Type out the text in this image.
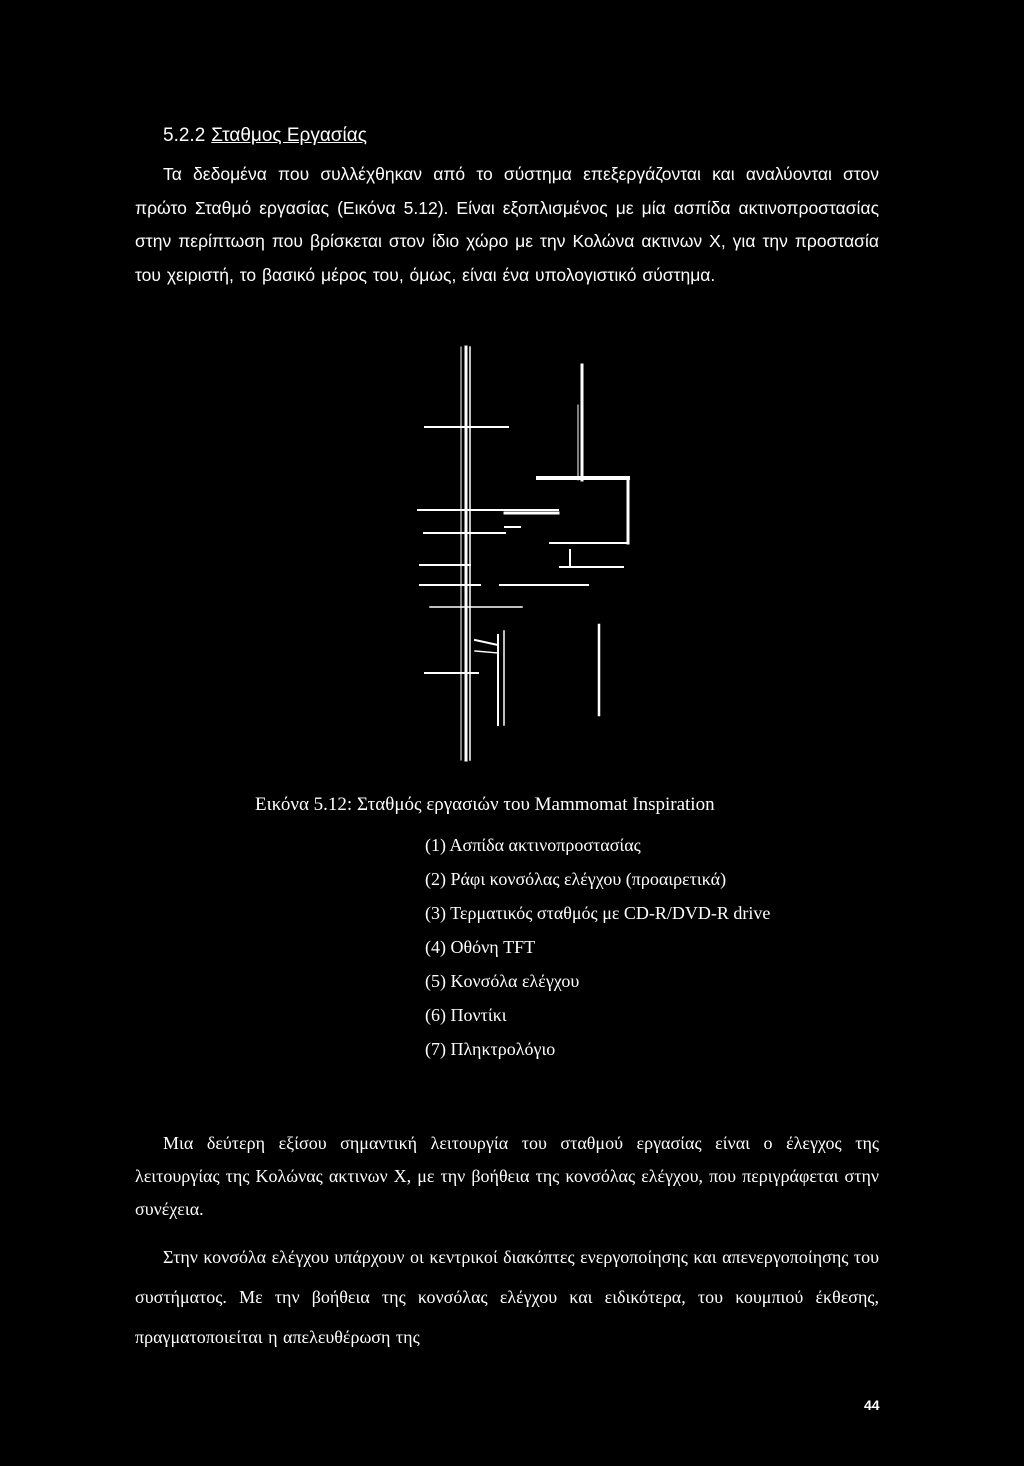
5.2.2 Σταθμος Εργασίας

Τα δεδομένα που συλλέχθηκαν από το σύστημα επεξεργάζονται και αναλύονται στον πρώτο Σταθμό εργασίας (Εικόνα 5.12). Είναι εξοπλισμένος με μία ασπίδα ακτινοπροστασίας στην περίπτωση που βρίσκεται στον ίδιο χώρο με την Κολώνα ακτινων Χ, για την προστασία του χειριστή, το βασικό μέρος του, όμως, είναι ένα υπολογιστικό σύστημα.

Εικόνα 5.12: Σταθμός εργασιών του Mammomat Inspiration
(1) Ασπίδα ακτινοπροστασίας
(2) Ράφι κονσόλας ελέγχου (προαιρετικά)
(3) Τερματικός σταθμός με CD-R/DVD-R drive
(4) Οθόνη TFT
(5) Κονσόλα ελέγχου
(6) Ποντίκι
(7) Πληκτρολόγιο

Μια δεύτερη εξίσου σημαντική λειτουργία του σταθμού εργασίας είναι ο έλεγχος της λειτουργίας της Κολώνας ακτινων Χ, με την βοήθεια της κονσόλας ελέγχου, που περιγράφεται στην συνέχεια.

Στην κονσόλα ελέγχου υπάρχουν οι κεντρικοί διακόπτες ενεργοποίησης και απενεργοποίησης του συστήματος. Με την βοήθεια της κονσόλας ελέγχου και ειδικότερα, του κουμπιού έκθεσης, πραγματοποιείται η απελευθέρωση της

44
